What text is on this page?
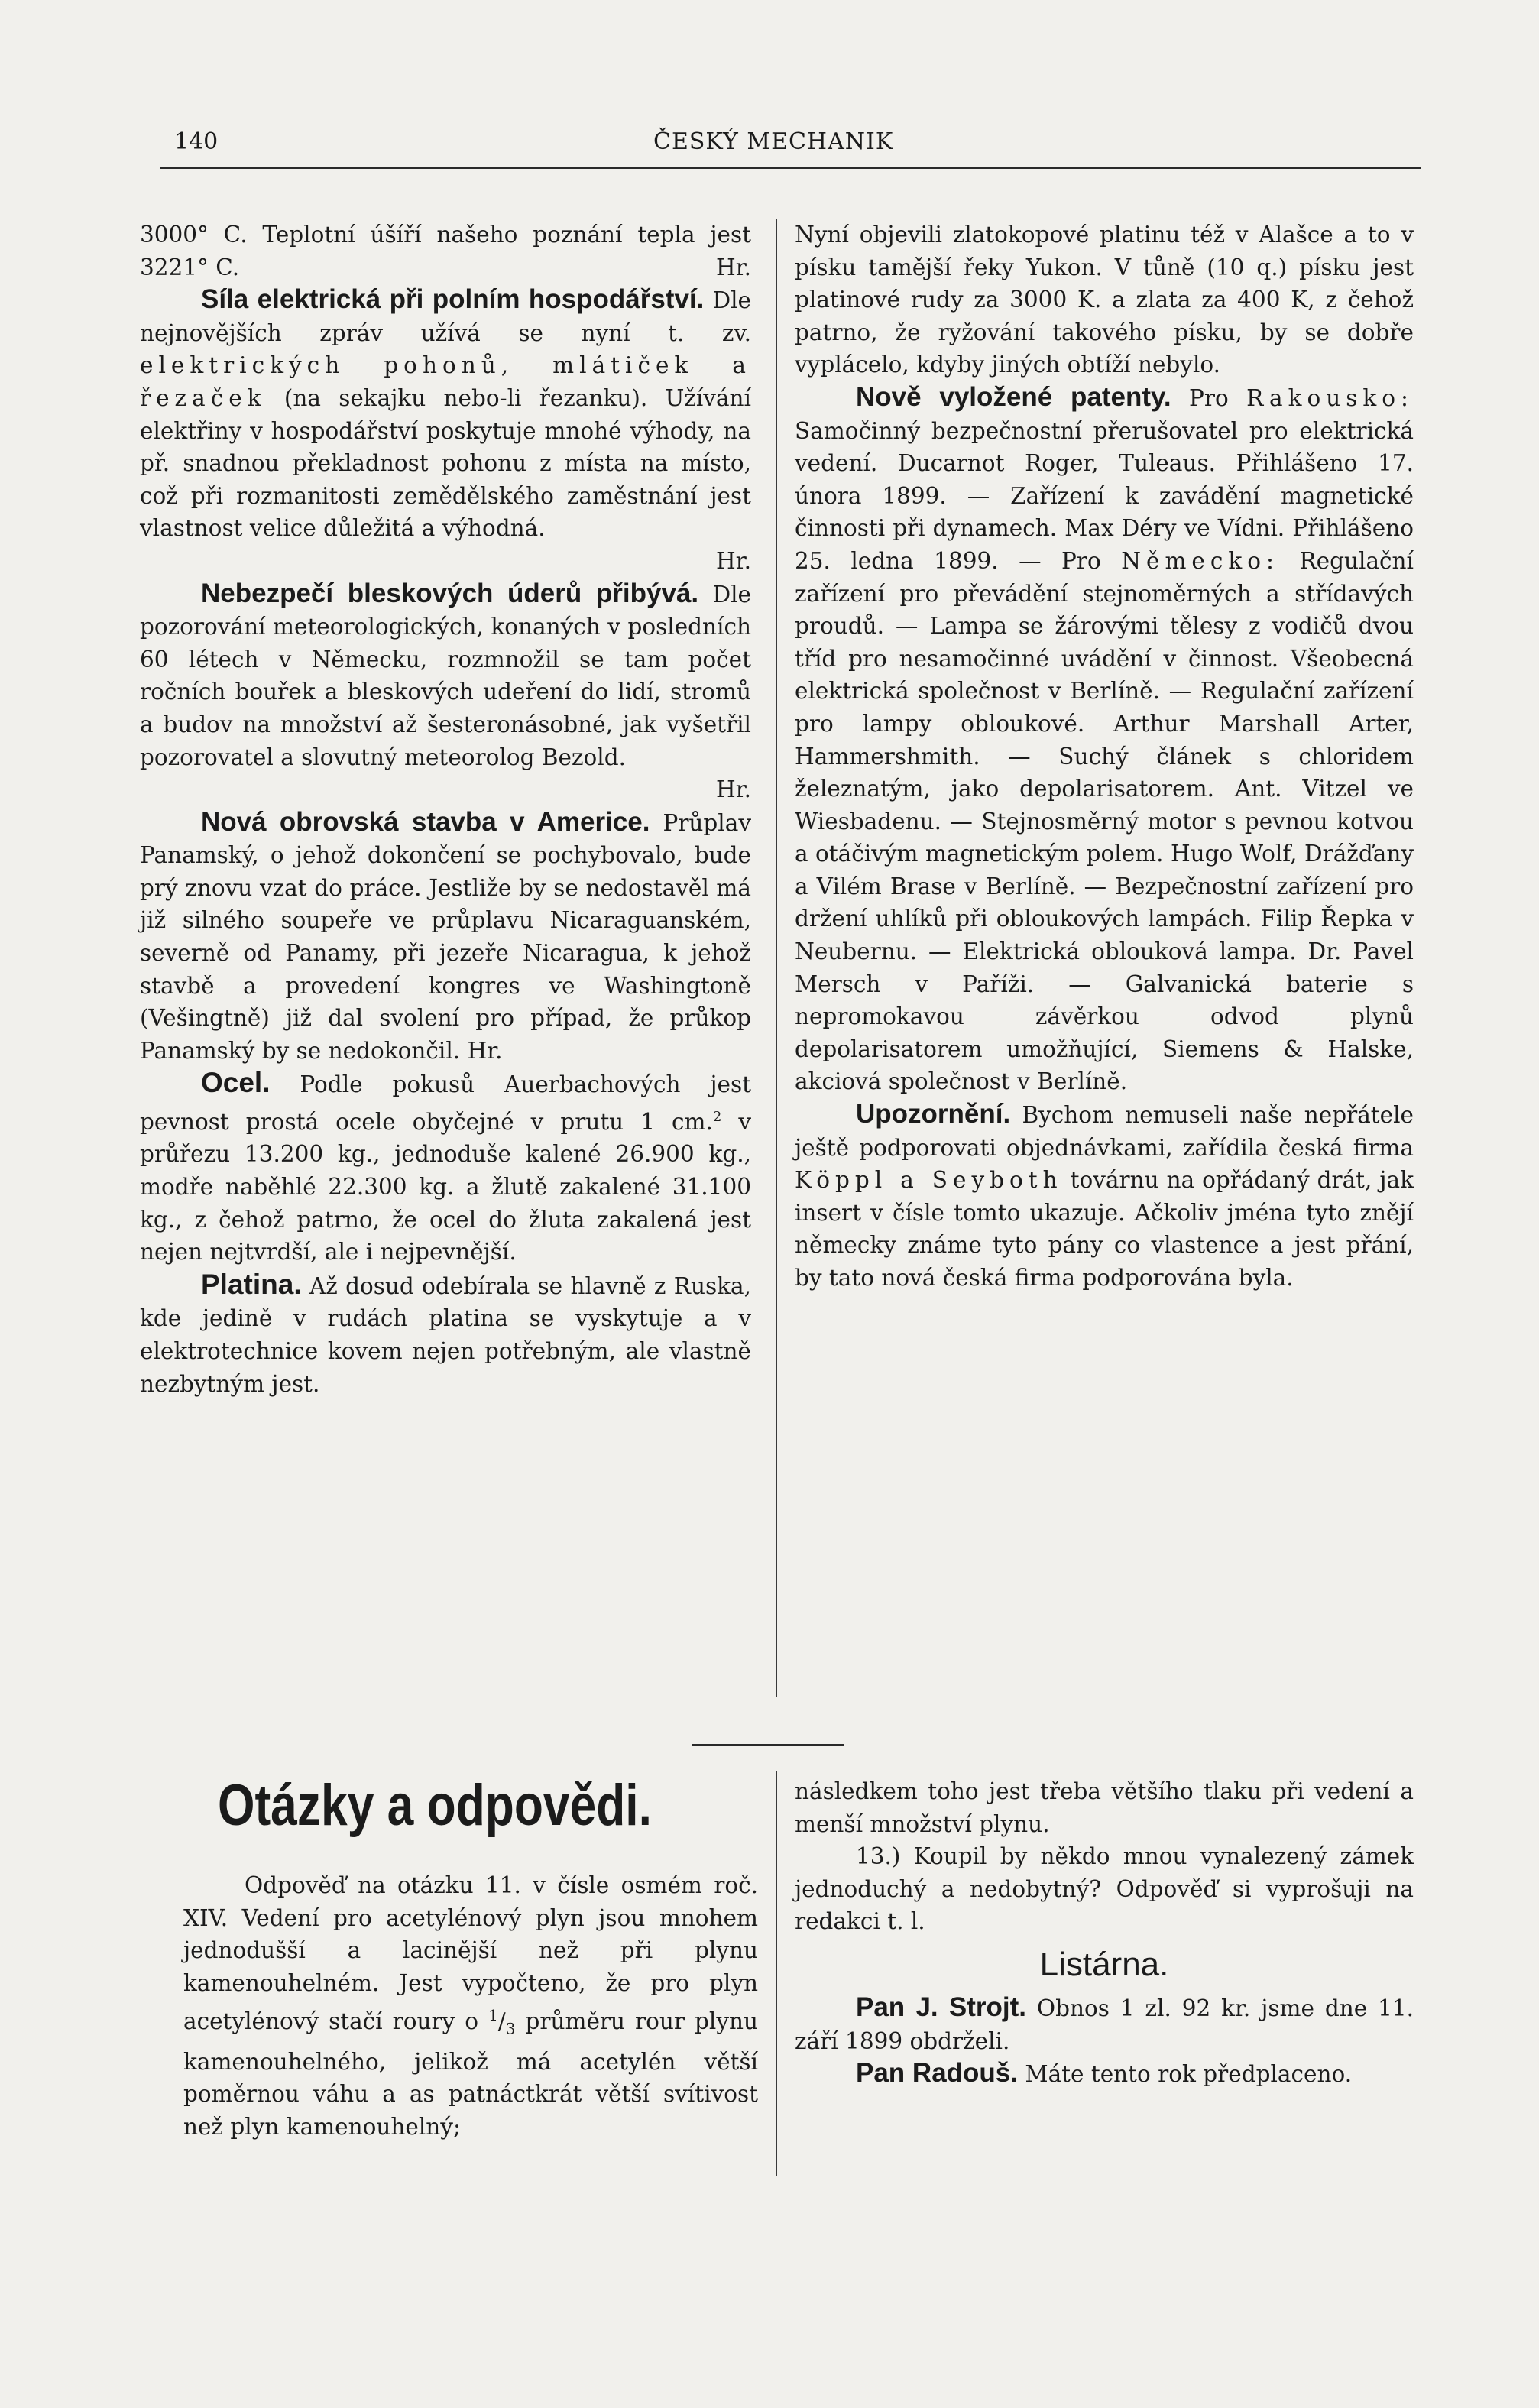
140	ČESKÝ MECHANIK

3000° C. Teplotní úšíří našeho poznání tepla jest 3221° C.	Hr.

Síla elektrická při polním hospodářství. Dle nejnovějších zpráv užívá se nyní t. zv. elektrických pohonů, mlátiček a řezaček (na sekajku nebo-li řezanku). Užívání elektřiny v hospodářství poskytuje mnohé výhody, na př. snadnou překladnost pohonu z místa na místo, což při rozmanitosti zemědělského zaměstnání jest vlastnost velice důležitá a výhodná.

Hr.

Nebezpečí bleskových úderů přibývá. Dle pozorování meteorologických, konaných v posledních 60 létech v Německu, rozmnožil se tam počet ročních bouřek a bleskových udeření do lidí, stromů a budov na množství až šesteronásobné, jak vyšetřil pozorovatel a slovutný meteorolog Bezold.

Hr.

Nová obrovská stavba v Americe. Průplav Panamský, o jehož dokončení se pochybovalo, bude prý znovu vzat do práce. Jestliže by se nedostavěl má již silného soupeře ve průplavu Nicaraguanském, severně od Panamy, při jezeře Nicaragua, k jehož stavbě a provedení kongres ve Washingtoně (Vešingtně) již dal svolení pro případ, že průkop Panamský by se nedokončil. Hr.

Ocel. Podle pokusů Auerbachových jest pevnost prostá ocele obyčejné v prutu 1 cm.$^2$ v průřezu 13.200 kg., jednoduše kalené 26.900 kg., modře naběhlé 22.300 kg. a žlutě zakalené 31.100 kg., z čehož patrno, že ocel do žluta zakalená jest nejen nejtvrdší, ale i nejpevnější.

Platina. Až dosud odebírala se hlavně z Ruska, kde jedině v rudách platina se vyskytuje a v elektrotechnice kovem nejen potřebným, ale vlastně nezbytným jest.

Nyní objevili zlatokopové platinu též v Alašce a to v písku tamější řeky Yukon. V tůně (10 q.) písku jest platinové rudy za 3000 K. a zlata za 400 K, z čehož patrno, že ryžování takového písku, by se dobře vyplácelo, kdyby jiných obtíží nebylo.

Nově vyložené patenty. Pro Rakousko: Samočinný bezpečnostní přerušovatel pro elektrická vedení. Ducarnot Roger, Tuleaus. Přihlášeno 17. února 1899. — Zařízení k zavádění magnetické činnosti při dynamech. Max Déry ve Vídni. Přihlášeno 25. ledna 1899. — Pro Německo: Regulační zařízení pro převádění stejnoměrných a střídavých proudů. — Lampa se žárovými tělesy z vodičů dvou tříd pro nesamočinné uvádění v činnost. Všeobecná elektrická společnost v Berlíně. — Regulační zařízení pro lampy obloukové. Arthur Marshall Arter, Hammershmith. — Suchý článek s chloridem železnatým, jako depolarisatorem. Ant. Vitzel ve Wiesbadenu. — Stejnosměrný motor s pevnou kotvou a otáčivým magnetickým polem. Hugo Wolf, Drážďany a Vilém Brase v Berlíně. — Bezpečnostní zařízení pro držení uhlíků při obloukových lampách. Filip Řepka v Neubernu. — Elektrická oblouková lampa. Dr. Pavel Mersch v Paříži. — Galvanická baterie s nepromokavou závěrkou odvod plynů depolarisatorem umožňující, Siemens & Halske, akciová společnost v Berlíně.

Upozornění. Bychom nemuseli naše nepřátele ještě podporovati objednávkami, zařídila česká firma Köppl a Seyboth továrnu na opřádaný drát, jak insert v čísle tomto ukazuje. Ačkoliv jména tyto znějí německy známe tyto pány co vlastence a jest přání, by tato nová česká firma podporována byla.

Otázky a odpovědi.

Odpověď na otázku 11. v čísle osmém roč. XIV. Vedení pro acetylénový plyn jsou mnohem jednodušší a lacinější než při plynu kamenouhelném. Jest vypočteno, že pro plyn acetylénový stačí roury o $^1/_3$ průměru rour plynu kamenouhelného, jelikož má acetylén větší poměrnou váhu a as patnáctkrát větší svítivost než plyn kamenouhelný;

následkem toho jest třeba většího tlaku při vedení a menší množství plynu.

13.) Koupil by někdo mnou vynalezený zámek jednoduchý a nedobytný? Odpověď si vyprošuji na redakci t. l.

Listárna.

Pan J. Strojt. Obnos 1 zl. 92 kr. jsme dne 11. září 1899 obdrželi.

Pan Radouš. Máte tento rok předplaceno.
